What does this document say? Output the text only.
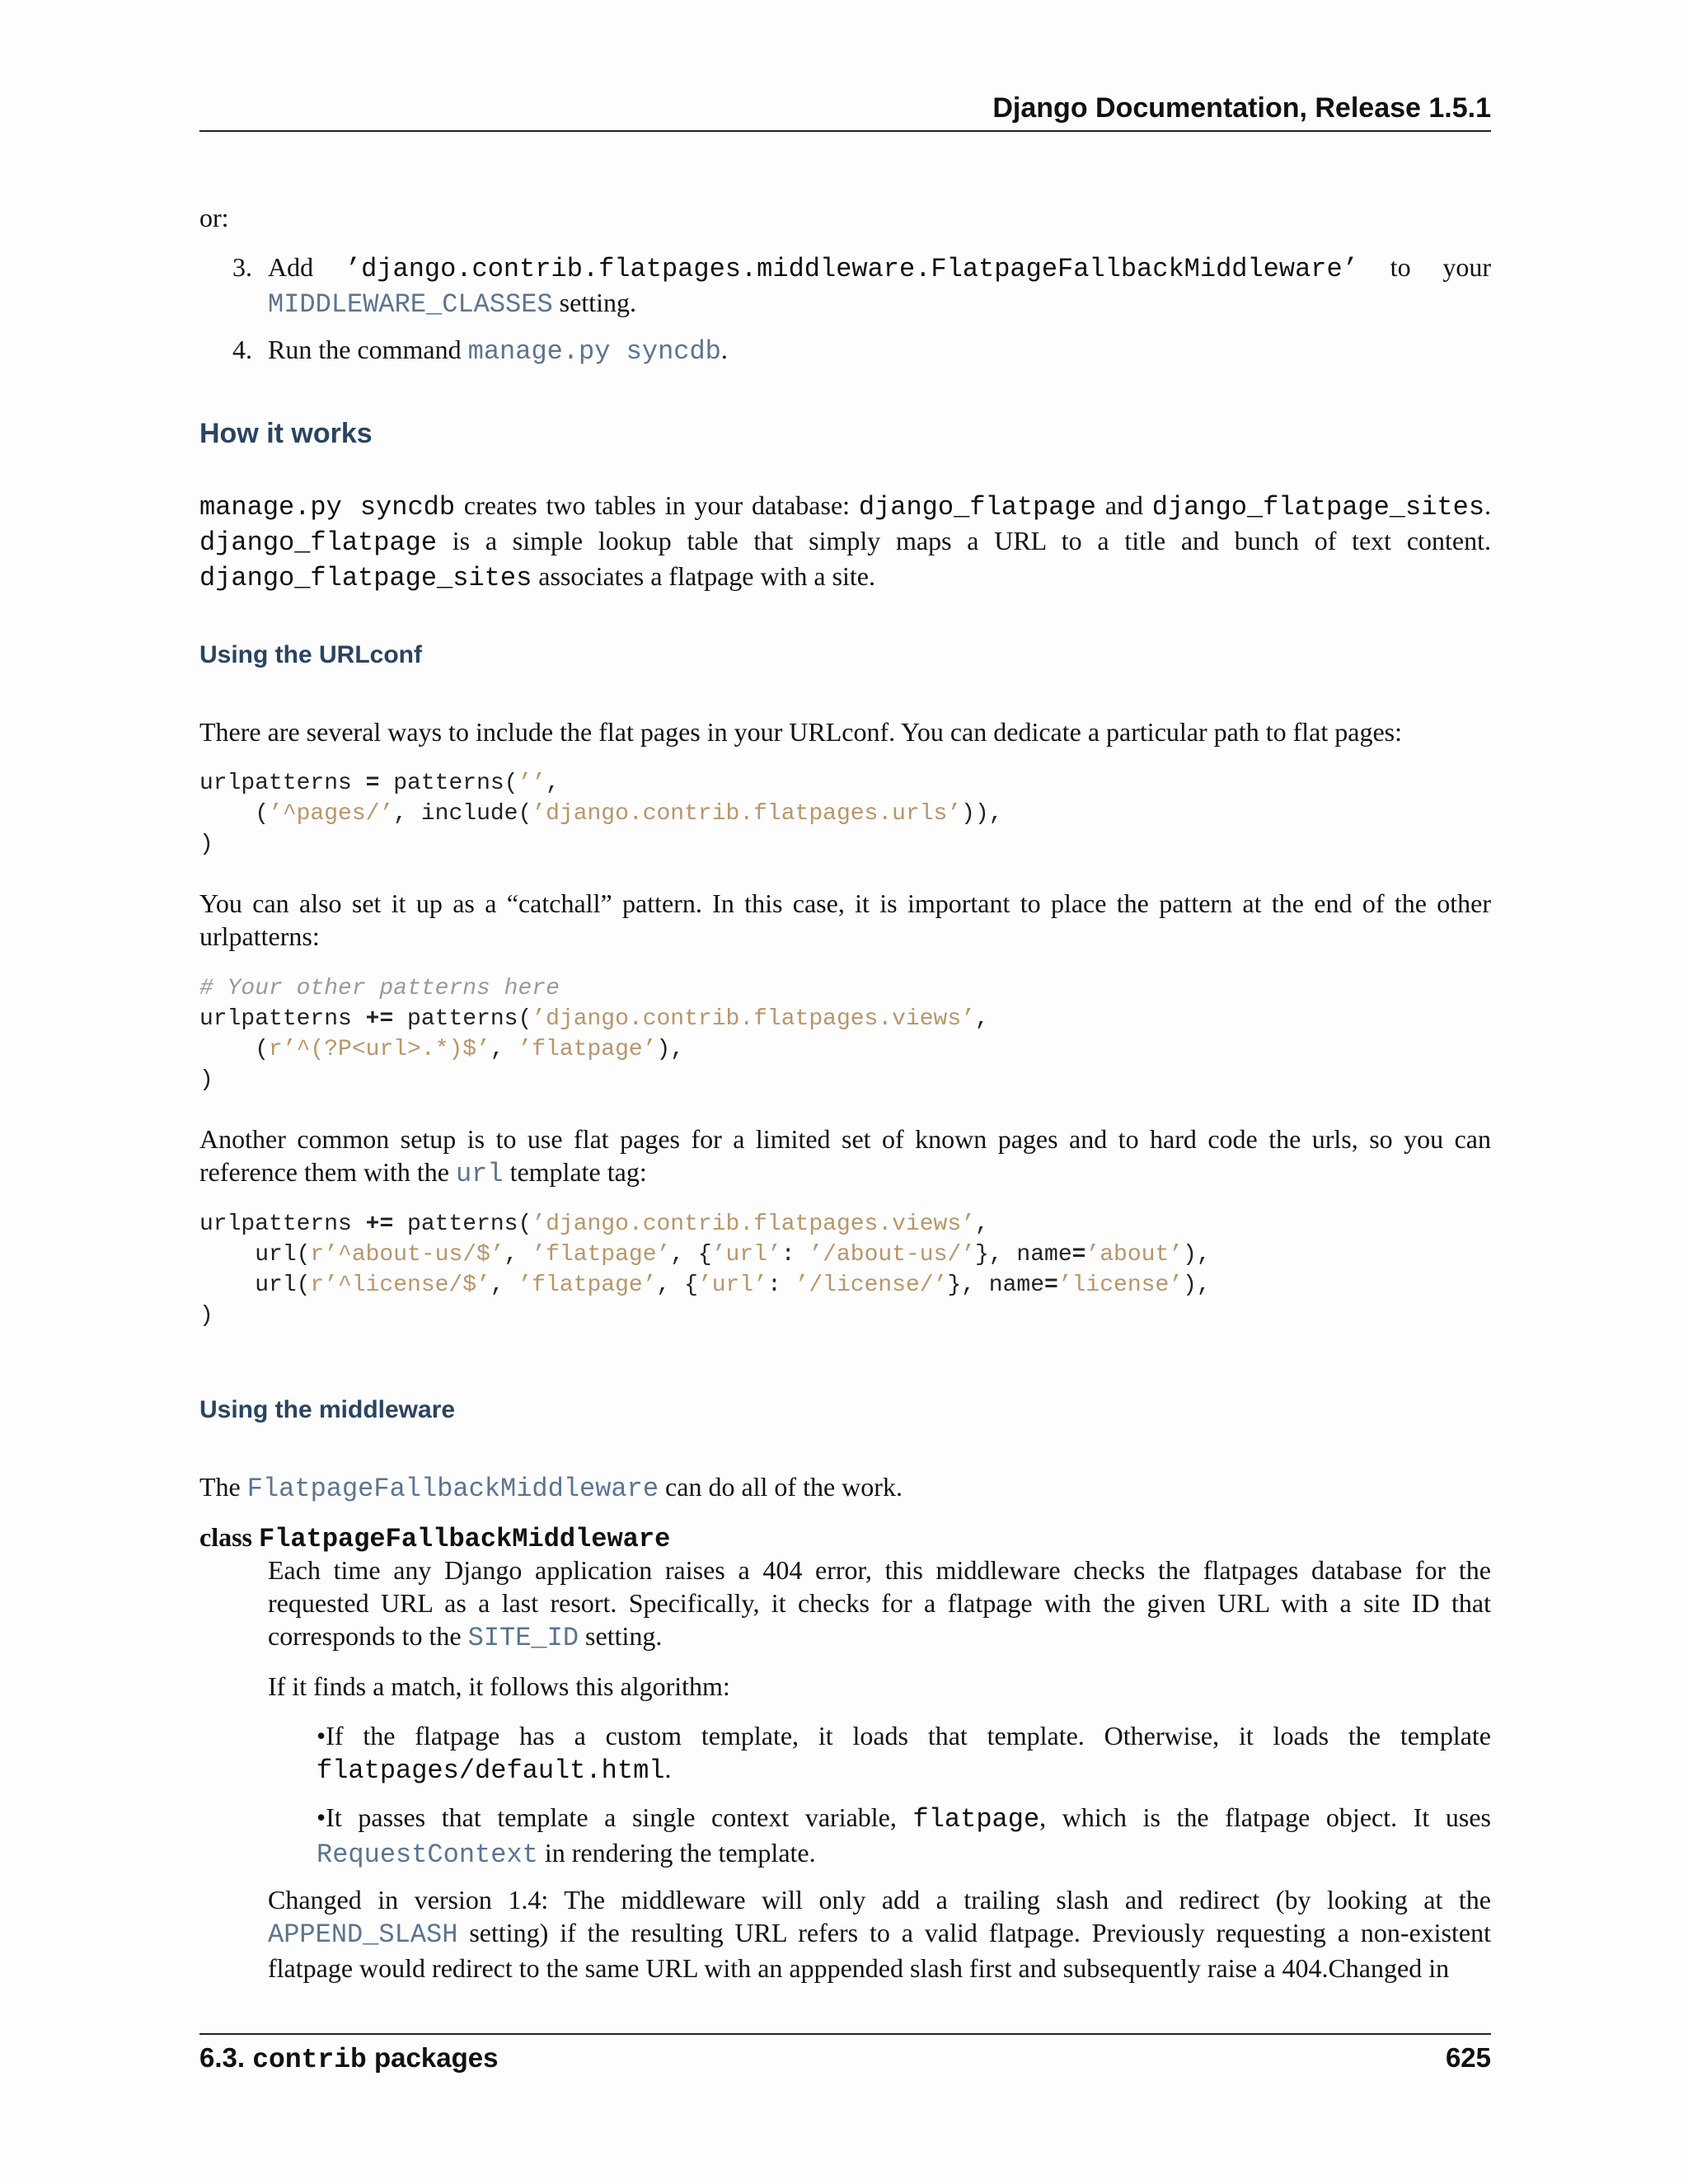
Django Documentation, Release 1.5.1

or:

3. Add ’django.contrib.flatpages.middleware.FlatpageFallbackMiddleware’ to your MIDDLEWARE_CLASSES setting.
4. Run the command manage.py syncdb.
How it works

manage.py syncdb creates two tables in your database: django_flatpage and django_flatpage_sites. django_flatpage is a simple lookup table that simply maps a URL to a title and bunch of text content. django_flatpage_sites associates a flatpage with a site.

Using the URLconf

There are several ways to include the flat pages in your URLconf. You can dedicate a particular path to flat pages:

urlpatterns = patterns(’’,
(’^pages/’, include(’django.contrib.flatpages.urls’)),
)

You can also set it up as a “catchall” pattern. In this case, it is important to place the pattern at the end of the other urlpatterns:

# Your other patterns here
urlpatterns += patterns(’django.contrib.flatpages.views’,
(r’^(?P<url>.*)$’, ’flatpage’),
)

Another common setup is to use flat pages for a limited set of known pages and to hard code the urls, so you can reference them with the url template tag:

urlpatterns += patterns(’django.contrib.flatpages.views’,
url(r’^about-us/$’, ’flatpage’, {’url’: ’/about-us/’}, name=’about’),
url(r’^license/$’, ’flatpage’, {’url’: ’/license/’}, name=’license’),
)
Using the middleware

The FlatpageFallbackMiddleware can do all of the work.

class FlatpageFallbackMiddleware

Each time any Django application raises a 404 error, this middleware checks the flatpages database for the requested URL as a last resort. Specifically, it checks for a flatpage with the given URL with a site ID that corresponds to the SITE_ID setting.
If it finds a match, it follows this algorithm:
•If the flatpage has a custom template, it loads that template. Otherwise, it loads the template flatpages/default.html.
•It passes that template a single context variable, flatpage, which is the flatpage object. It uses RequestContext in rendering the template.
Changed in version 1.4: The middleware will only add a trailing slash and redirect (by looking at the APPEND_SLASH setting) if the resulting URL refers to a valid flatpage. Previously requesting a non-existent flatpage would redirect to the same URL with an apppended slash first and subsequently raise a 404.Changed in
6.3. contrib packages	625
